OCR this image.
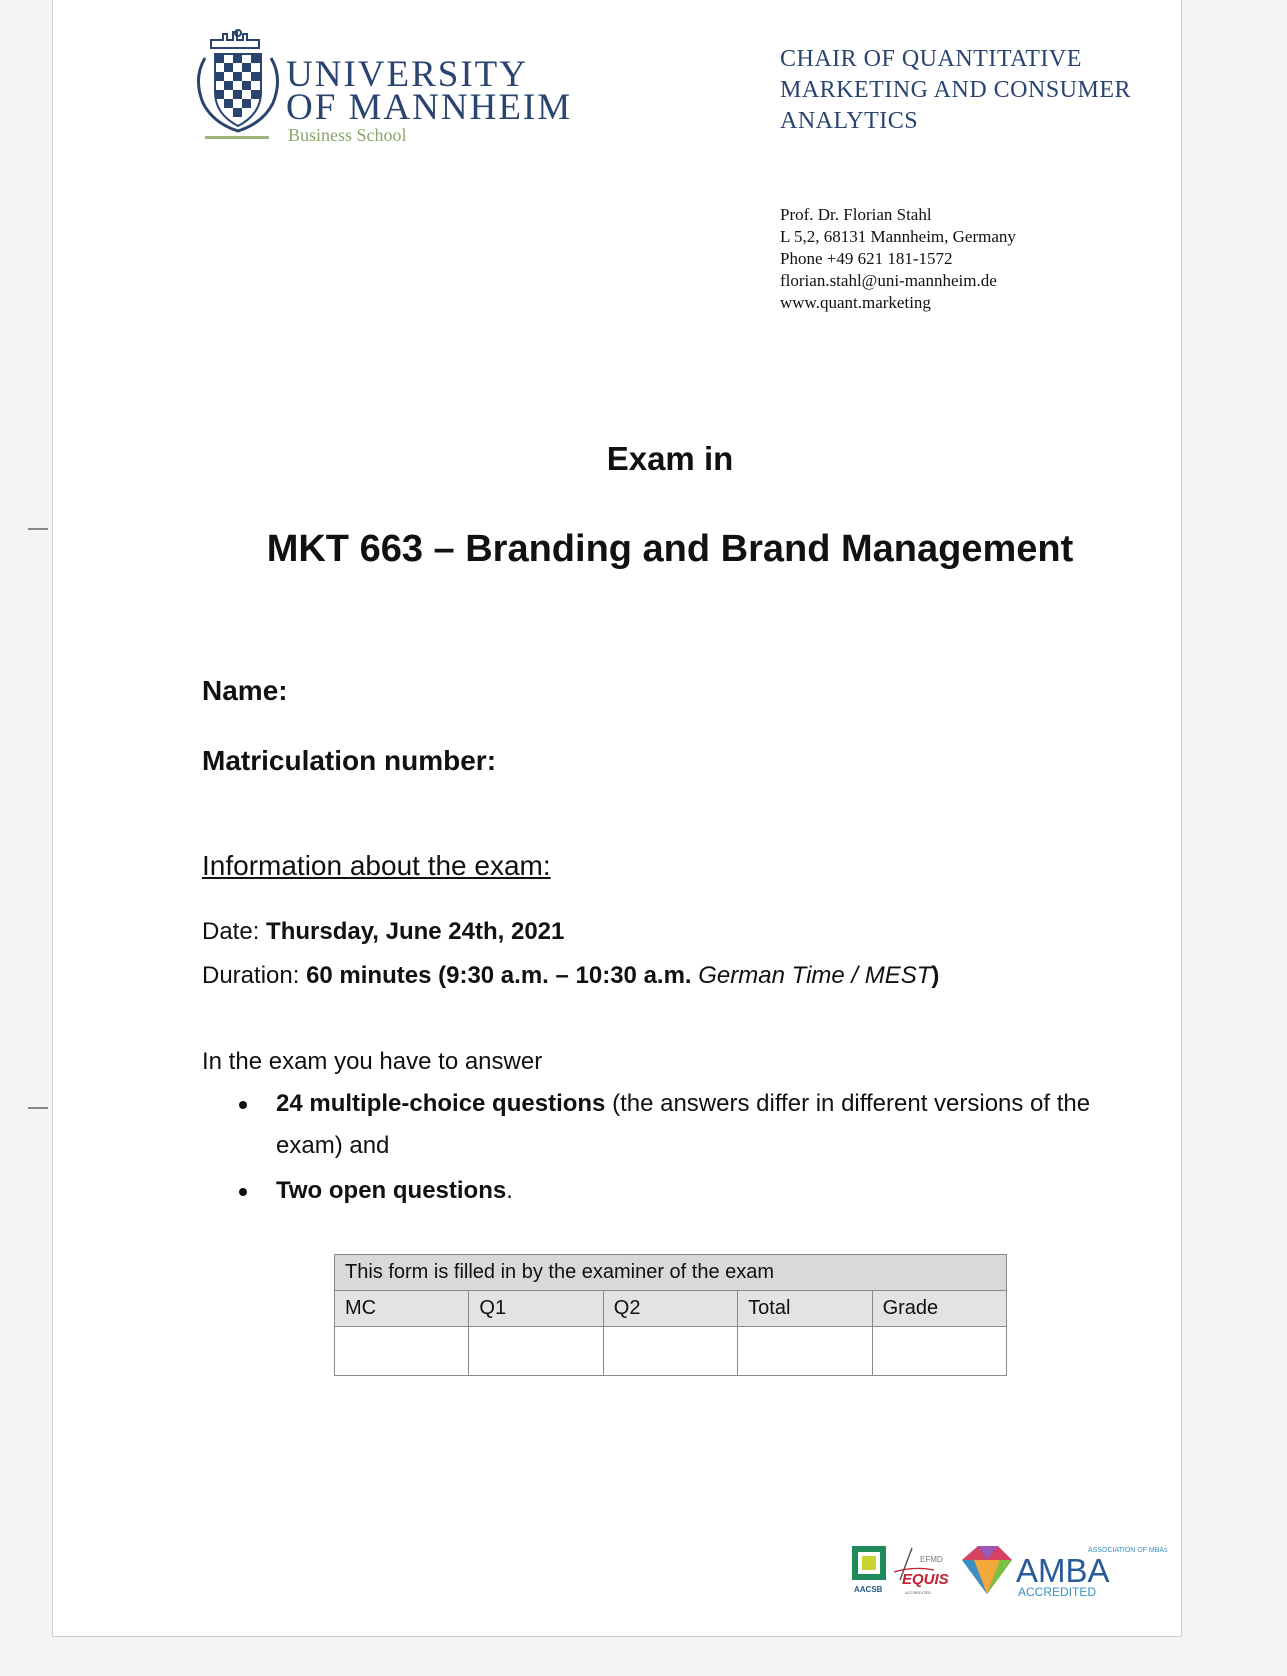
UNIVERSITY
OF MANNHEIM
Business School
CHAIR OF QUANTITATIVE
MARKETING AND CONSUMER
ANALYTICS
Prof. Dr. Florian Stahl
L 5,2, 68131 Mannheim, Germany
Phone +49 621 181-1572
florian.stahl@uni-mannheim.de
www.quant.marketing
Exam in
MKT 663 – Branding and Brand Management
Name:
Matriculation number:
Information about the exam:
Date: Thursday, June 24th, 2021
Duration: 60 minutes (9:30 a.m. – 10:30 a.m. German Time / MEST)
In the exam you have to answer
24 multiple-choice questions (the answers differ in different versions of the exam) and
Two open questions.
This form is filled in by the examiner of the exam				
MC	Q1	Q2	Total	Grade

AACSB
EFMD
EQUIS
ACCREDITED
ASSOCIATION OF MBAs
AMBA
ACCREDITED
